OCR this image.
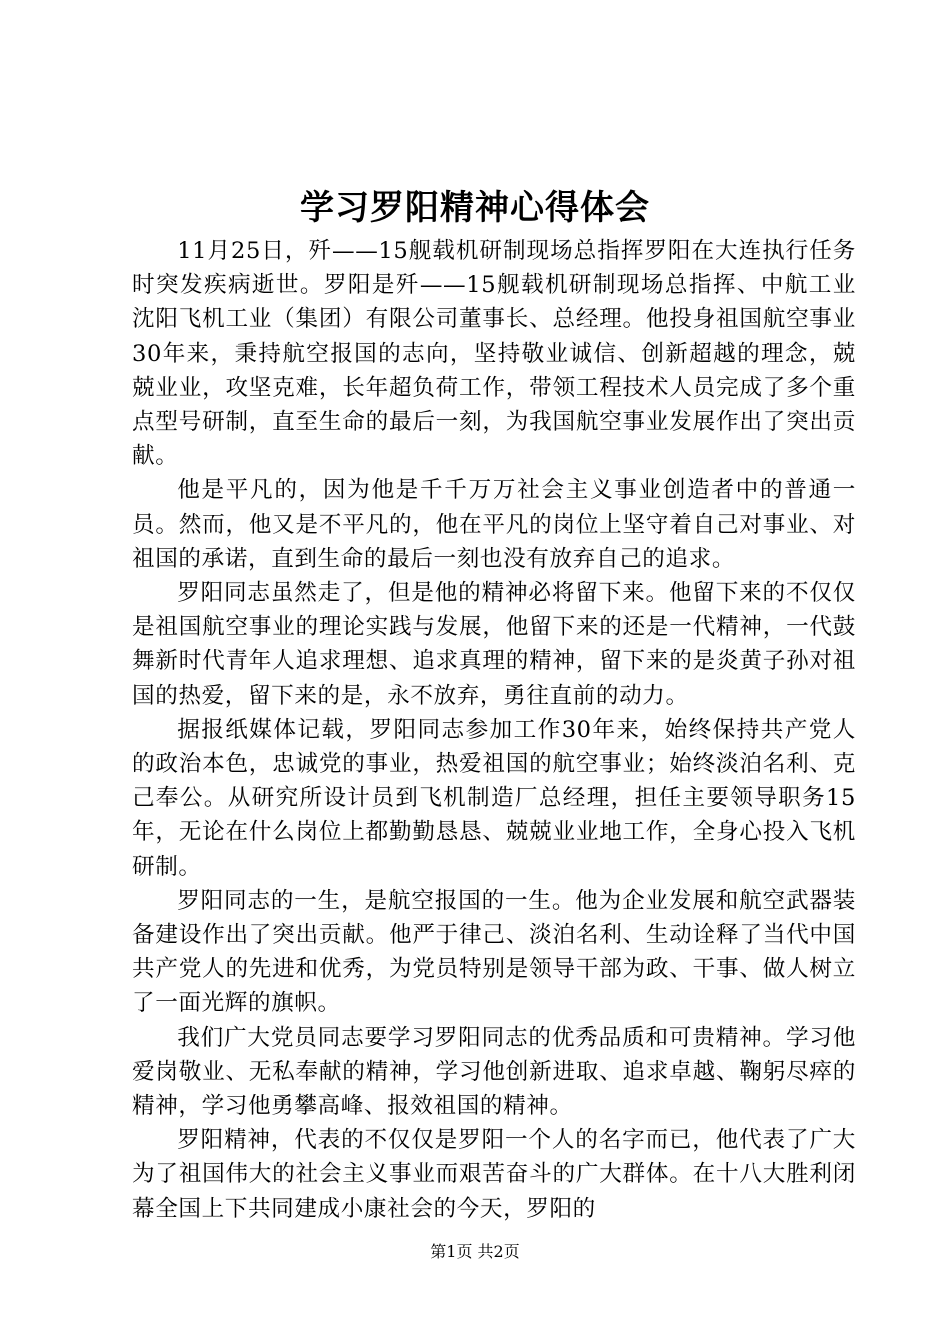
学习罗阳精神心得体会

11月25日，歼——15舰载机研制现场总指挥罗阳在大连执行任务时突发疾病逝世。罗阳是歼——15舰载机研制现场总指挥、中航工业沈阳飞机工业（集团）有限公司董事长、总经理。他投身祖国航空事业30年来，秉持航空报国的志向，坚持敬业诚信、创新超越的理念，兢兢业业，攻坚克难，长年超负荷工作，带领工程技术人员完成了多个重点型号研制，直至生命的最后一刻，为我国航空事业发展作出了突出贡献。

他是平凡的，因为他是千千万万社会主义事业创造者中的普通一员。然而，他又是不平凡的，他在平凡的岗位上坚守着自己对事业、对祖国的承诺，直到生命的最后一刻也没有放弃自己的追求。

罗阳同志虽然走了，但是他的精神必将留下来。他留下来的不仅仅是祖国航空事业的理论实践与发展，他留下来的还是一代精神，一代鼓舞新时代青年人追求理想、追求真理的精神，留下来的是炎黄子孙对祖国的热爱，留下来的是，永不放弃，勇往直前的动力。

据报纸媒体记载，罗阳同志参加工作30年来，始终保持共产党人的政治本色，忠诚党的事业，热爱祖国的航空事业；始终淡泊名利、克己奉公。从研究所设计员到飞机制造厂总经理，担任主要领导职务15年，无论在什么岗位上都勤勤恳恳、兢兢业业地工作，全身心投入飞机研制。

罗阳同志的一生，是航空报国的一生。他为企业发展和航空武器装备建设作出了突出贡献。他严于律己、淡泊名利、生动诠释了当代中国共产党人的先进和优秀，为党员特别是领导干部为政、干事、做人树立了一面光辉的旗帜。

我们广大党员同志要学习罗阳同志的优秀品质和可贵精神。学习他爱岗敬业、无私奉献的精神，学习他创新进取、追求卓越、鞠躬尽瘁的精神，学习他勇攀高峰、报效祖国的精神。

罗阳精神，代表的不仅仅是罗阳一个人的名字而已，他代表了广大为了祖国伟大的社会主义事业而艰苦奋斗的广大群体。在十八大胜利闭幕全国上下共同建成小康社会的今天，罗阳的

第1页 共2页
